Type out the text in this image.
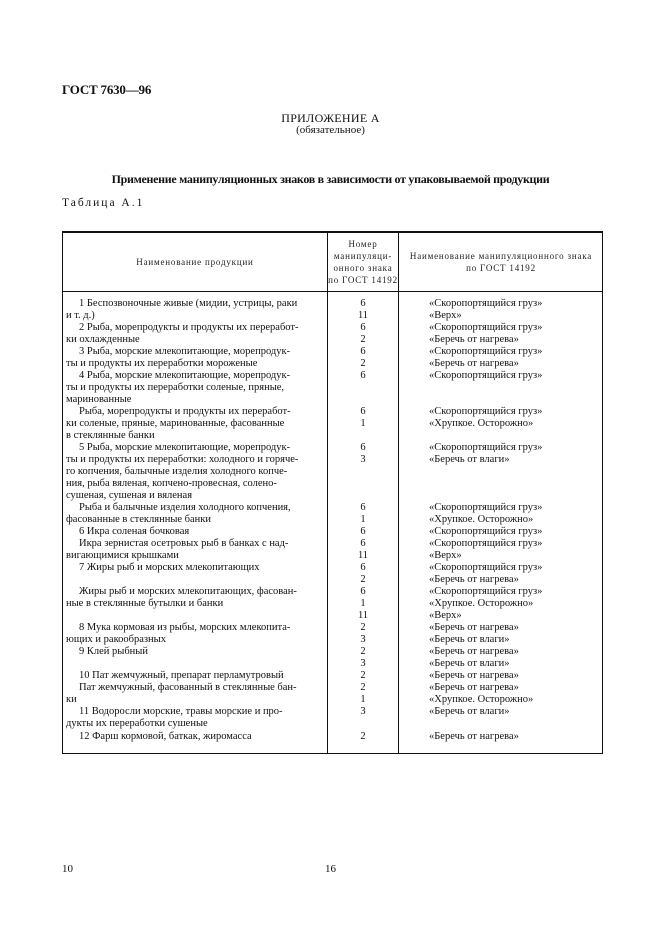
ГОСТ 7630—96
ПРИЛОЖЕНИЕ А
(обязательное)
Применение манипуляционных знаков в зависимости от упаковываемой продукции
Таблица А.1
Наименование продукции
Номер манипуляци-онного знака по ГОСТ 14192
Наименование манипуляционного знака по ГОСТ 14192
1 Беспозвоночные живые (мидии, устрицы, раки	6	«Скоропортящийся груз»
и т. д.)	11	«Верх»
2 Рыба, морепродукты и продукты их переработ-	6	«Скоропортящийся груз»
ки охлажденные	2	«Беречь от нагрева»
3 Рыба, морские млекопитающие, морепродук-	6	«Скоропортящийся груз»
ты и продукты их переработки мороженые	2	«Беречь от нагрева»
4 Рыба, морские млекопитающие, морепродук-	6	«Скоропортящийся груз»
ты и продукты их переработки соленые, пряные,
маринованные
Рыба, морепродукты и продукты их переработ-	6	«Скоропортящийся груз»
ки соленые, пряные, маринованные, фасованные	1	«Хрупкое. Осторожно»
в стеклянные банки
5 Рыба, морские млекопитающие, морепродук-	6	«Скоропортящийся груз»
ты и продукты их переработки: холодного и горяче-	3	«Беречь от влаги»
го копчения, балычные изделия холодного копче-
ния, рыба вяленая, копчено-провесная, солено-
сушеная, сушеная и вяленая
Рыба и балычные изделия холодного копчения,	6	«Скоропортящийся груз»
фасованные в стеклянные банки	1	«Хрупкое. Осторожно»
6 Икра соленая бочковая	6	«Скоропортящийся груз»
Икра зернистая осетровых рыб в банках с над-	6	«Скоропортящийся груз»
вигающимися крышками	11	«Верх»
7 Жиры рыб и морских млекопитающих	6	«Скоропортящийся груз»
2	«Беречь от нагрева»
Жиры рыб и морских млекопитающих, фасован-	6	«Скоропортящийся груз»
ные в стеклянные бутылки и банки	1	«Хрупкое. Осторожно»
11	«Верх»
8 Мука кормовая из рыбы, морских млекопита-	2	«Беречь от нагрева»
ющих и ракообразных	3	«Беречь от влаги»
9 Клей рыбный	2	«Беречь от нагрева»
3	«Беречь от влаги»
10 Пат жемчужный, препарат перламутровый	2	«Беречь от нагрева»
Пат жемчужный, фасованный в стеклянные бан-	2	«Беречь от нагрева»
ки	1	«Хрупкое. Осторожно»
11 Водоросли морские, травы морские и про-	3	«Беречь от влаги»
дукты их переработки сушеные
12 Фарш кормовой, баткак, жиромасса	2	«Беречь от нагрева»
10	16
